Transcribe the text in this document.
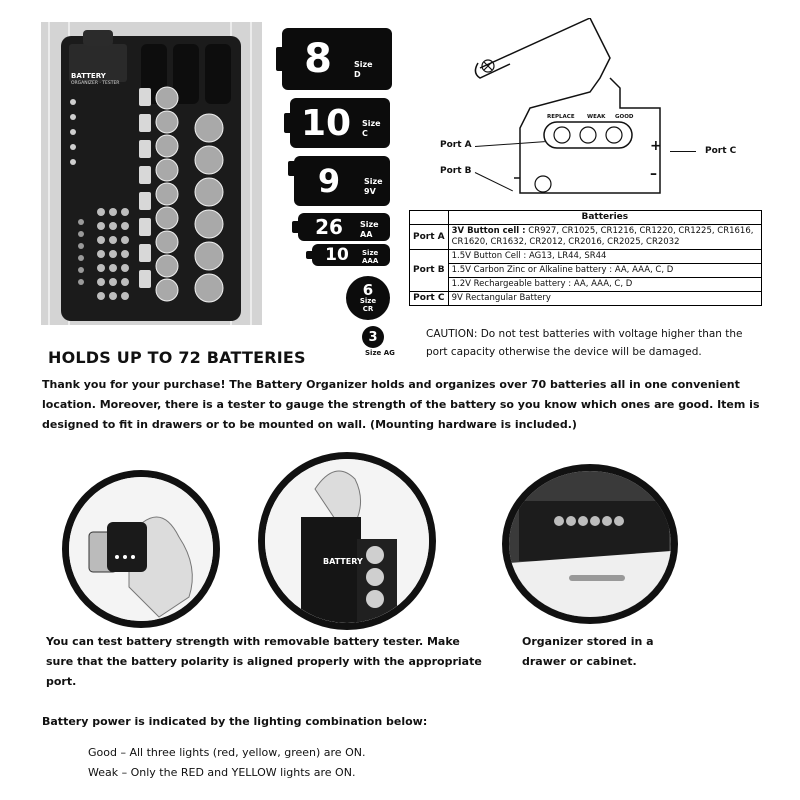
BATTERY
ORGANIZER · TESTER
8	Size
D
10	Size
C
9	Size
9V
26	Size
AA
10	Size
AAA
6
Size
CR
3
Size AG
REPLACE	WEAK	GOOD
Port A
Port B
+
–
Port C
	Batteries
Port A	3V Button cell : CR927, CR1025, CR1216, CR1220, CR1225, CR1616, CR1620, CR1632, CR2012, CR2016, CR2025, CR2032
Port B	1.5V Button Cell : AG13, LR44, SR44
	1.5V Carbon Zinc or Alkaline battery : AA, AAA, C, D
	1.2V Rechargeable battery : AA, AAA, C, D
Port C	9V Rectangular Battery
CAUTION: Do not test batteries with voltage higher than the port capacity otherwise the device will be damaged.
HOLDS UP TO 72 BATTERIES
Thank you for your purchase! The Battery Organizer holds and organizes over 70 batteries all in one convenient location. Moreover, there is a tester to gauge the strength of the battery so you know which ones are good. Item is designed to fit in drawers or to be mounted on wall. (Mounting hardware is included.)
BATTERY
You can test battery strength with removable battery tester. Make sure that the battery polarity is aligned properly with the appropriate port.
Organizer stored in a drawer or cabinet.
Battery power is indicated by the lighting combination below:
Good – All three lights (red, yellow, green) are ON.
Weak – Only the RED and YELLOW lights are ON.
